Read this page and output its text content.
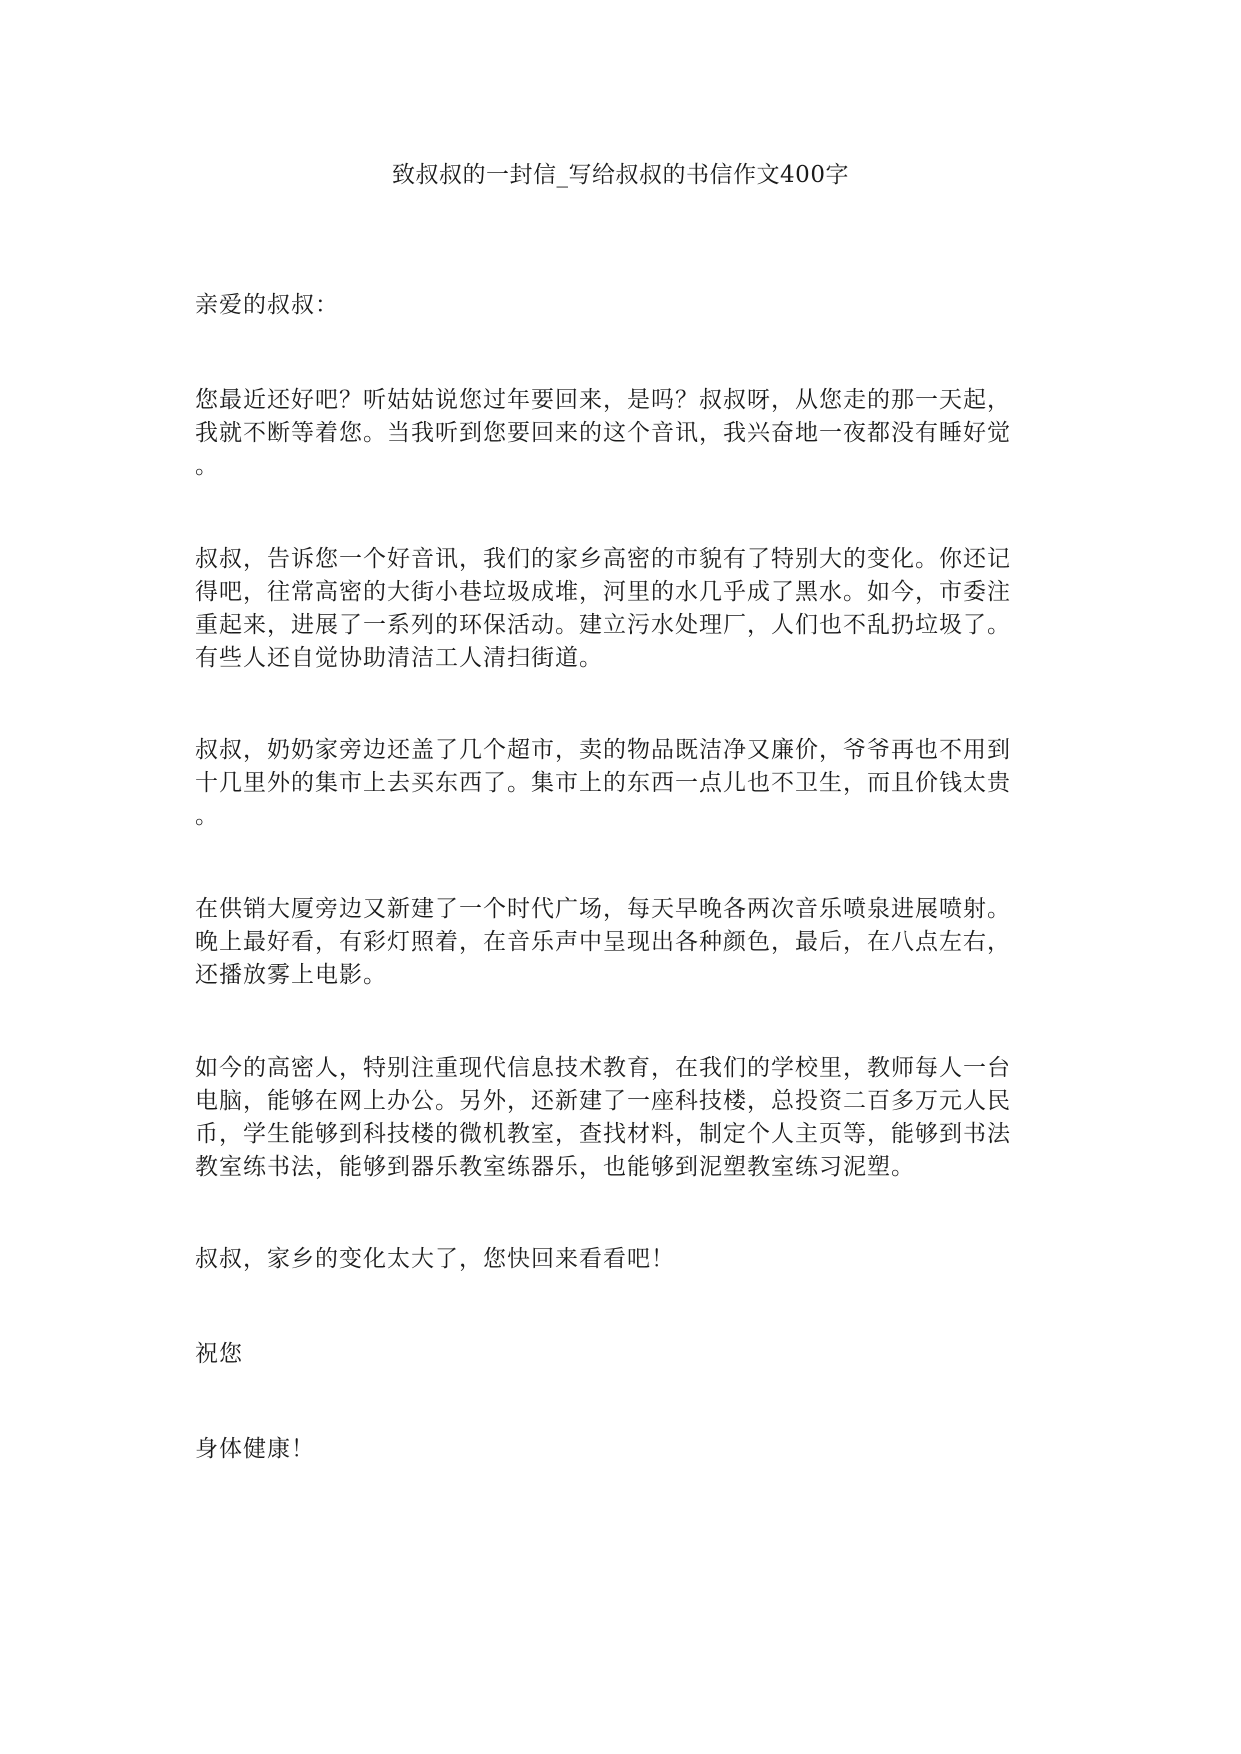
致叔叔的一封信_写给叔叔的书信作文400字
亲爱的叔叔：
您最近还好吧？听姑姑说您过年要回来，是吗？叔叔呀，从您走的那一天起，
我就不断等着您。当我听到您要回来的这个音讯，我兴奋地一夜都没有睡好觉
。
叔叔，告诉您一个好音讯，我们的家乡高密的市貌有了特别大的变化。你还记
得吧，往常高密的大街小巷垃圾成堆，河里的水几乎成了黑水。如今，市委注
重起来，进展了一系列的环保活动。建立污水处理厂，人们也不乱扔垃圾了。
有些人还自觉协助清洁工人清扫街道。
叔叔，奶奶家旁边还盖了几个超市，卖的物品既洁净又廉价，爷爷再也不用到
十几里外的集市上去买东西了。集市上的东西一点儿也不卫生，而且价钱太贵
。
在供销大厦旁边又新建了一个时代广场，每天早晚各两次音乐喷泉进展喷射。
晚上最好看，有彩灯照着，在音乐声中呈现出各种颜色，最后，在八点左右，
还播放雾上电影。
如今的高密人，特别注重现代信息技术教育，在我们的学校里，教师每人一台
电脑，能够在网上办公。另外，还新建了一座科技楼，总投资二百多万元人民
币，学生能够到科技楼的微机教室，查找材料，制定个人主页等，能够到书法
教室练书法，能够到器乐教室练器乐，也能够到泥塑教室练习泥塑。
叔叔，家乡的变化太大了，您快回来看看吧！
祝您
身体健康！
